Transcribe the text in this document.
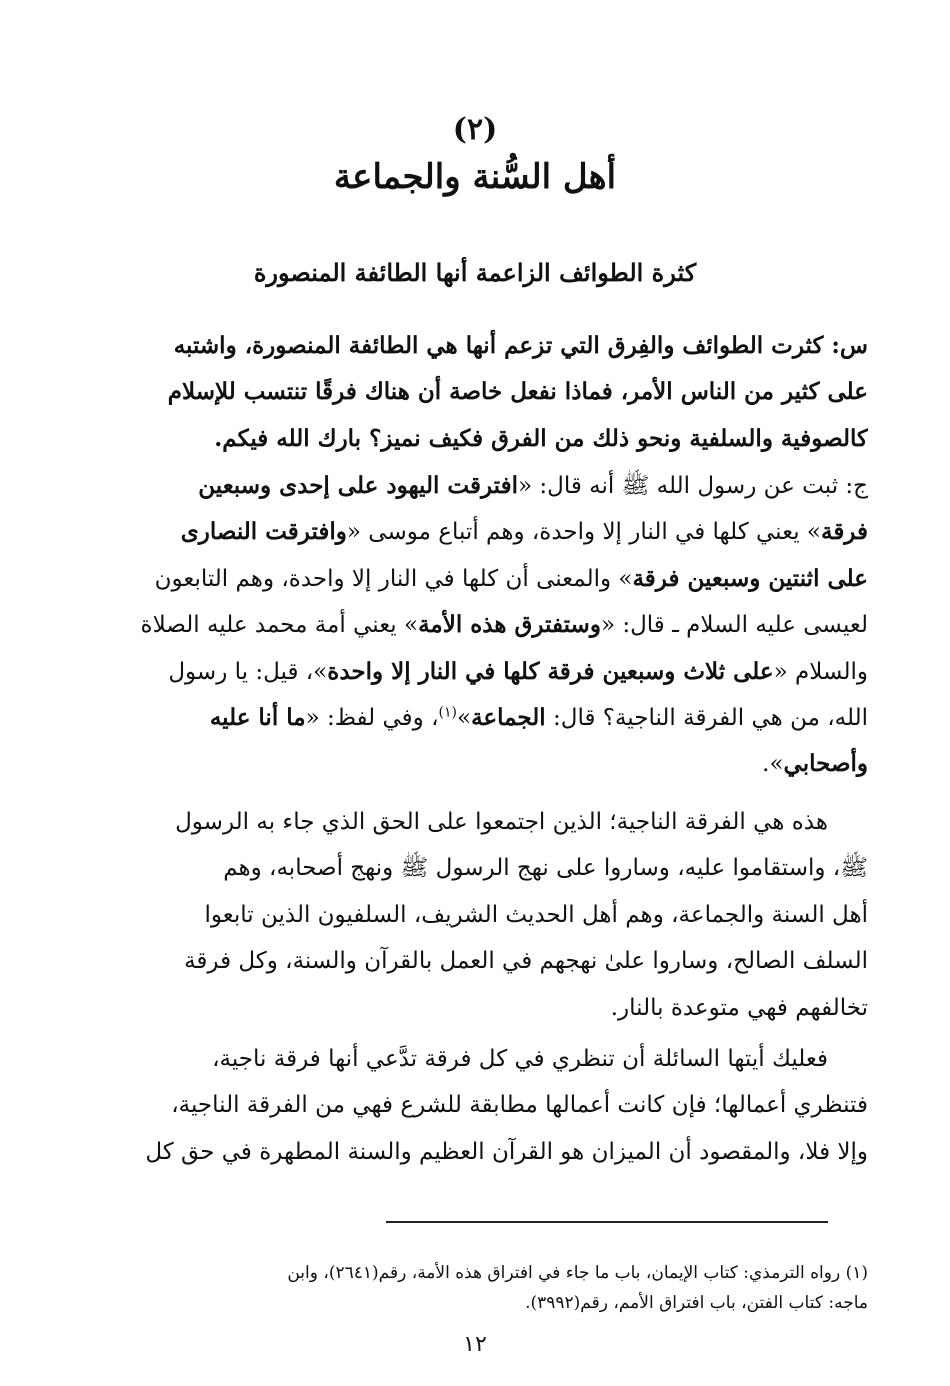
(٢)
أهل السُّنة والجماعة
كثرة الطوائف الزاعمة أنها الطائفة المنصورة
س: كثرت الطوائف والفِرق التي تزعم أنها هي الطائفة المنصورة، واشتبه
على كثير من الناس الأمر، فماذا نفعل خاصة أن هناك فرقًا تنتسب للإسلام
كالصوفية والسلفية ونحو ذلك من الفرق فكيف نميز؟ بارك الله فيكم.
ج: ثبت عن رسول الله ﷺ أنه قال: «افترقت اليهود على إحدى وسبعين
فرقة» يعني كلها في النار إلا واحدة، وهم أتباع موسى «وافترقت النصارى
على اثنتين وسبعين فرقة» والمعنى أن كلها في النار إلا واحدة، وهم التابعون
لعيسى عليه السلام ـ قال: «وستفترق هذه الأمة» يعني أمة محمد عليه الصلاة
والسلام «على ثلاث وسبعين فرقة كلها في النار إلا واحدة»، قيل: يا رسول
الله، من هي الفرقة الناجية؟ قال: الجماعة»$^{(١)}$، وفي لفظ: «ما أنا عليه
وأصحابي».
هذه هي الفرقة الناجية؛ الذين اجتمعوا على الحق الذي جاء به الرسول
ﷺ، واستقاموا عليه، وساروا على نهج الرسول ﷺ ونهج أصحابه، وهم
أهل السنة والجماعة، وهم أهل الحديث الشريف، السلفيون الذين تابعوا
السلف الصالح، وساروا علىٰ نهجهم في العمل بالقرآن والسنة، وكل فرقة
تخالفهم فهي متوعدة بالنار.
فعليك أيتها السائلة أن تنظري في كل فرقة تدَّعي أنها فرقة ناجية،
فتنظري أعمالها؛ فإن كانت أعمالها مطابقة للشرع فهي من الفرقة الناجية،
وإلا فلا، والمقصود أن الميزان هو القرآن العظيم والسنة المطهرة في حق كل
(١) رواه الترمذي: كتاب الإيمان، باب ما جاء في افتراق هذه الأمة، رقم(٢٦٤١)، وابن
ماجه: كتاب الفتن، باب افتراق الأمم، رقم(٣٩٩٢).
١٢
